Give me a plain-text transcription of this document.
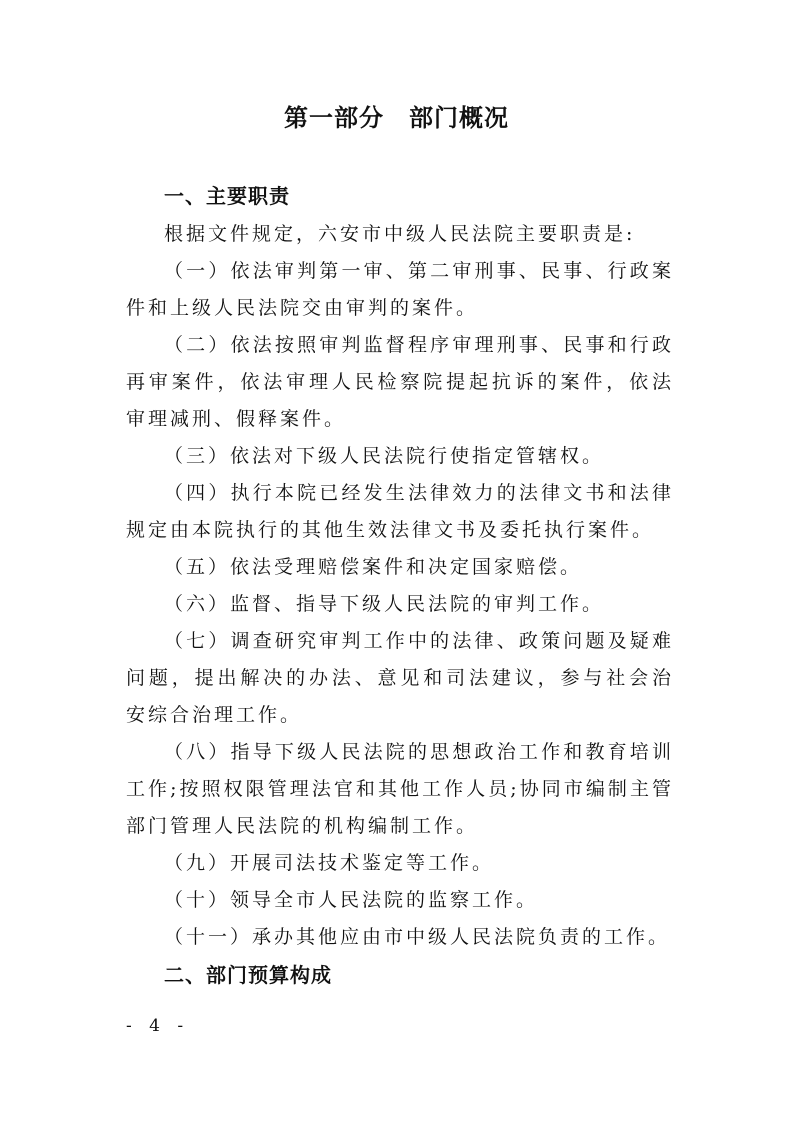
第一部分　部门概况

一、主要职责

根据文件规定，六安市中级人民法院主要职责是:

（一）依法审判第一审、第二审刑事、民事、行政案件和上级人民法院交由审判的案件。

（二）依法按照审判监督程序审理刑事、民事和行政再审案件，依法审理人民检察院提起抗诉的案件，依法审理减刑、假释案件。

（三）依法对下级人民法院行使指定管辖权。

（四）执行本院已经发生法律效力的法律文书和法律规定由本院执行的其他生效法律文书及委托执行案件。

（五）依法受理赔偿案件和决定国家赔偿。

（六）监督、指导下级人民法院的审判工作。

（七）调查研究审判工作中的法律、政策问题及疑难问题，提出解决的办法、意见和司法建议，参与社会治安综合治理工作。

（八）指导下级人民法院的思想政治工作和教育培训工作;按照权限管理法官和其他工作人员;协同市编制主管部门管理人民法院的机构编制工作。

（九）开展司法技术鉴定等工作。

（十）领导全市人民法院的监察工作。

（十一）承办其他应由市中级人民法院负责的工作。

二、部门预算构成

- 4 -
